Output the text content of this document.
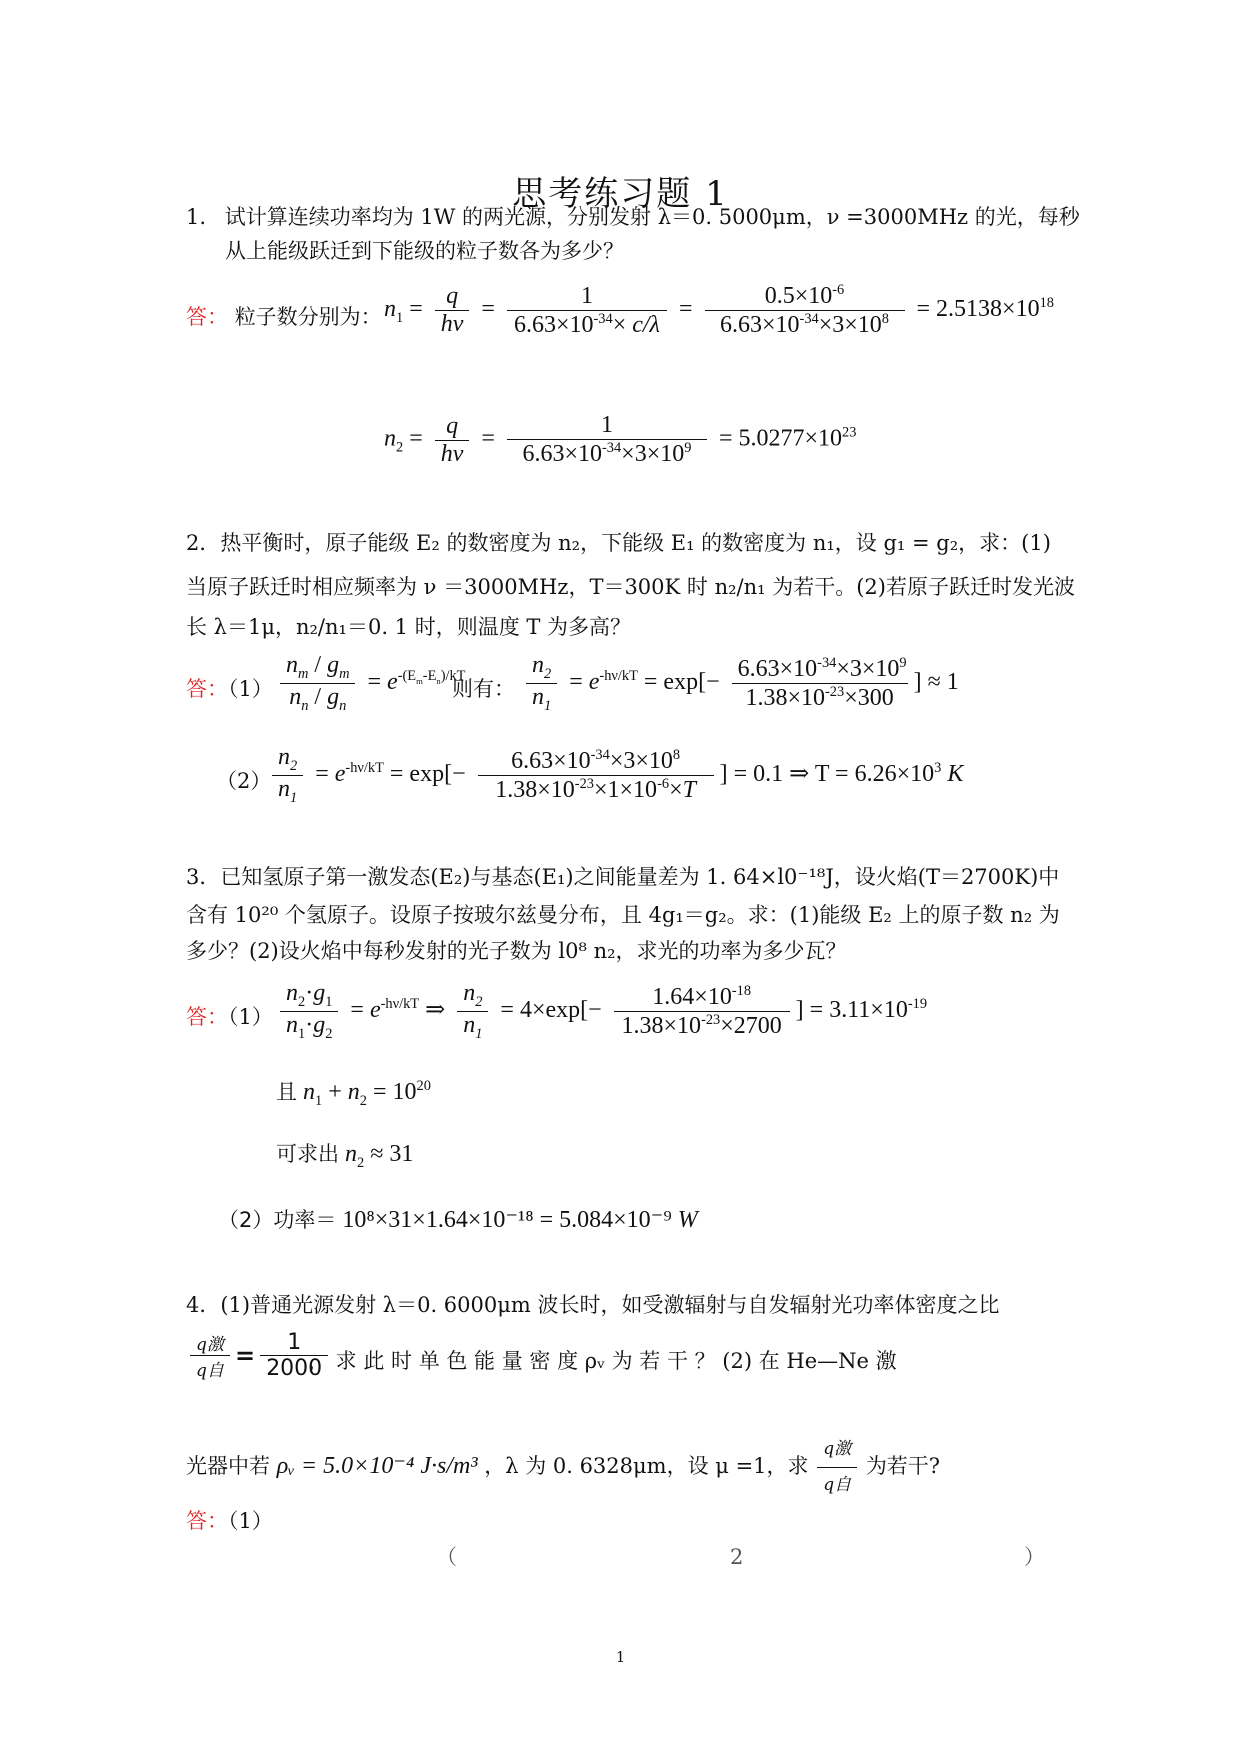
思考练习题 1
1. 试计算连续功率均为 1W 的两光源，分别发射 λ＝0. 5000μm，ν =3000MHz 的光，每秒
从上能级跃迁到下能级的粒子数各为多少？
答： 粒子数分别为： $n_1 = \frac{q}{h\nu} = \frac{1}{6.63\times 10^{-34}\times c/\lambda} = \frac{0.5\times 10^{-6}}{6.63\times 10^{-34}\times 3\times 10^8} = 2.5138\times 10^{18}$
$n_2 = \frac{q}{h\nu} = \frac{1}{6.63\times 10^{-34}\times 3\times 10^9} = 5.0277\times 10^{23}$
2．热平衡时，原子能级 E₂ 的数密度为 n₂，下能级 E₁ 的数密度为 n₁，设 g₁ = g₂，求：(1)
当原子跃迁时相应频率为 ν ＝3000MHz，T＝300K 时 n₂/n₁ 为若干。(2)若原子跃迁时发光波
长 λ＝1μ，n₂/n₁＝0. 1 时，则温度 T 为多高？
答：$(1) \frac{n_m / g_m}{n_n / g_n} = e^{-(E_m-E_n)/kT}$
则有： $\frac{n_2}{n_1} = e^{-h\nu/kT} = \exp[- \frac{6.63\times 10^{-34}\times 3\times 10^9}{1.38\times 10^{-23}\times 300}$ ] ≈ 1
$(2) \frac{n_2}{n_1} = e^{-h\nu/kT} = \exp[- \frac{6.63\times 10^{-34}\times 3\times 10^8}{1.38\times 10^{-23}\times 1\times 10^{-6}\times T}$ ] = 0.1 ⇒ $T = 6.26\times 10^3$ K
3．已知氢原子第一激发态(E₂)与基态(E₁)之间能量差为 1. 64×l0⁻¹⁸J，设火焰(T＝2700K)中
含有 10²⁰ 个氢原子。设原子按玻尔兹曼分布，且 4g₁＝g₂。求：(1)能级 E₂ 上的原子数 n₂ 为
多少？(2)设火焰中每秒发射的光子数为 l0⁸ n₂，求光的功率为多少瓦？
答：$(1) \frac{n_2\cdot g_1}{n_1\cdot g_2} = e^{-h\nu/kT}$ ⇒ $\frac{n_2}{n_1} = 4\times\exp[- \frac{1.64\times 10^{-18}}{1.38\times 10^{-23}\times 2700}$ ] = $3.11\times 10^{-19}$
且 $n_1 + n_2 = 10^{20}$
可求出 $n_2 \approx 31$
（2）功率＝ 10⁸×31×1.64×10⁻¹⁸ = 5.084×10⁻⁹ W
4．(1)普通光源发射 λ＝0. 6000μm 波长时，如受激辐射与自发辐射光功率体密度之比
$\frac{\text{q激}}{\text{q自}} = \frac{1}{2000}$
， 求 此 时 单 色 能 量 密 度 ρᵥ 为 若 干 ？ (2) 在 He—Ne 激
光器中若 ρᵥ = 5.0×10⁻⁴ J·s/m³ ，λ 为 0. 6328μm，设 μ =1，求 $\frac{\text{q激}}{\text{q自}}$ 为若干?
答：（1）
（	2	）
1
